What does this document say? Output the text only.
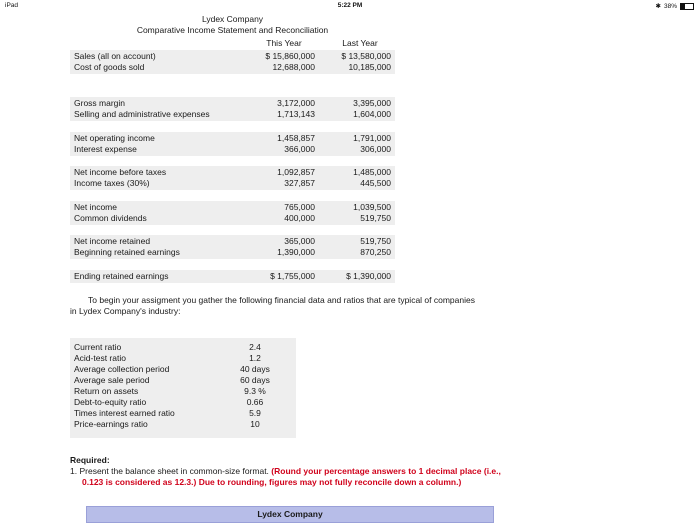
iPad	5:22 PM	✱ 38%
Lydex Company
Comparative Income Statement and Reconciliation
This Year	Last Year
Sales (all on account)	$ 15,860,000	$ 13,580,000
Cost of goods sold	12,688,000	10,185,000
Gross margin	3,172,000	3,395,000
Selling and administrative expenses	1,713,143	1,604,000
Net operating income	1,458,857	1,791,000
Interest expense	366,000	306,000
Net income before taxes	1,092,857	1,485,000
Income taxes (30%)	327,857	445,500
Net income	765,000	1,039,500
Common dividends	400,000	519,750
Net income retained	365,000	519,750
Beginning retained earnings	1,390,000	870,250
Ending retained earnings	$ 1,755,000	$ 1,390,000
To begin your assigment you gather the following financial data and ratios that are typical of companies
in Lydex Company's industry:
Current ratio	2.4
Acid-test ratio	1.2
Average collection period	40 days
Average sale period	60 days
Return on assets	9.3 %
Debt-to-equity ratio	0.66
Times interest earned ratio	5.9
Price-earnings ratio	10
Required:
1. Present the balance sheet in common-size format. (Round your percentage answers to 1 decimal place (i.e., 0.123 is considered as 12.3.) Due to rounding, figures may not fully reconcile down a column.)
Lydex Company
